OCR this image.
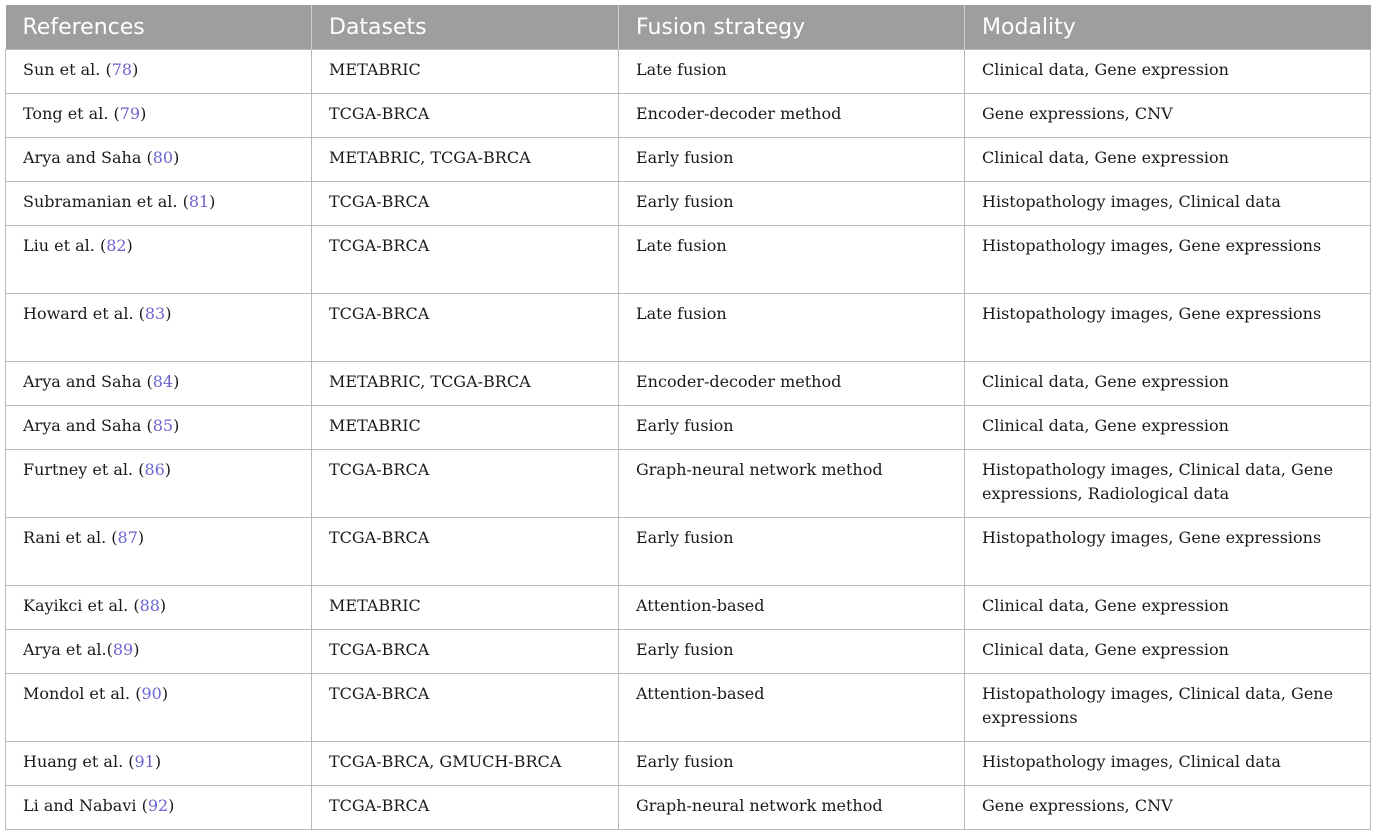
References	Datasets	Fusion strategy	Modality
Sun et al. (78)	METABRIC	Late fusion	Clinical data, Gene expression
Tong et al. (79)	TCGA-BRCA	Encoder-decoder method	Gene expressions, CNV
Arya and Saha (80)	METABRIC, TCGA-BRCA	Early fusion	Clinical data, Gene expression
Subramanian et al. (81)	TCGA-BRCA	Early fusion	Histopathology images, Clinical data
Liu et al. (82)	TCGA-BRCA	Late fusion	Histopathology images, Gene expressions
Howard et al. (83)	TCGA-BRCA	Late fusion	Histopathology images, Gene expressions
Arya and Saha (84)	METABRIC, TCGA-BRCA	Encoder-decoder method	Clinical data, Gene expression
Arya and Saha (85)	METABRIC	Early fusion	Clinical data, Gene expression
Furtney et al. (86)	TCGA-BRCA	Graph-neural network method	Histopathology images, Clinical data, Gene expressions, Radiological data
Rani et al. (87)	TCGA-BRCA	Early fusion	Histopathology images, Gene expressions
Kayikci et al. (88)	METABRIC	Attention-based	Clinical data, Gene expression
Arya et al.(89)	TCGA-BRCA	Early fusion	Clinical data, Gene expression
Mondol et al. (90)	TCGA-BRCA	Attention-based	Histopathology images, Clinical data, Gene expressions
Huang et al. (91)	TCGA-BRCA, GMUCH-BRCA	Early fusion	Histopathology images, Clinical data
Li and Nabavi (92)	TCGA-BRCA	Graph-neural network method	Gene expressions, CNV
